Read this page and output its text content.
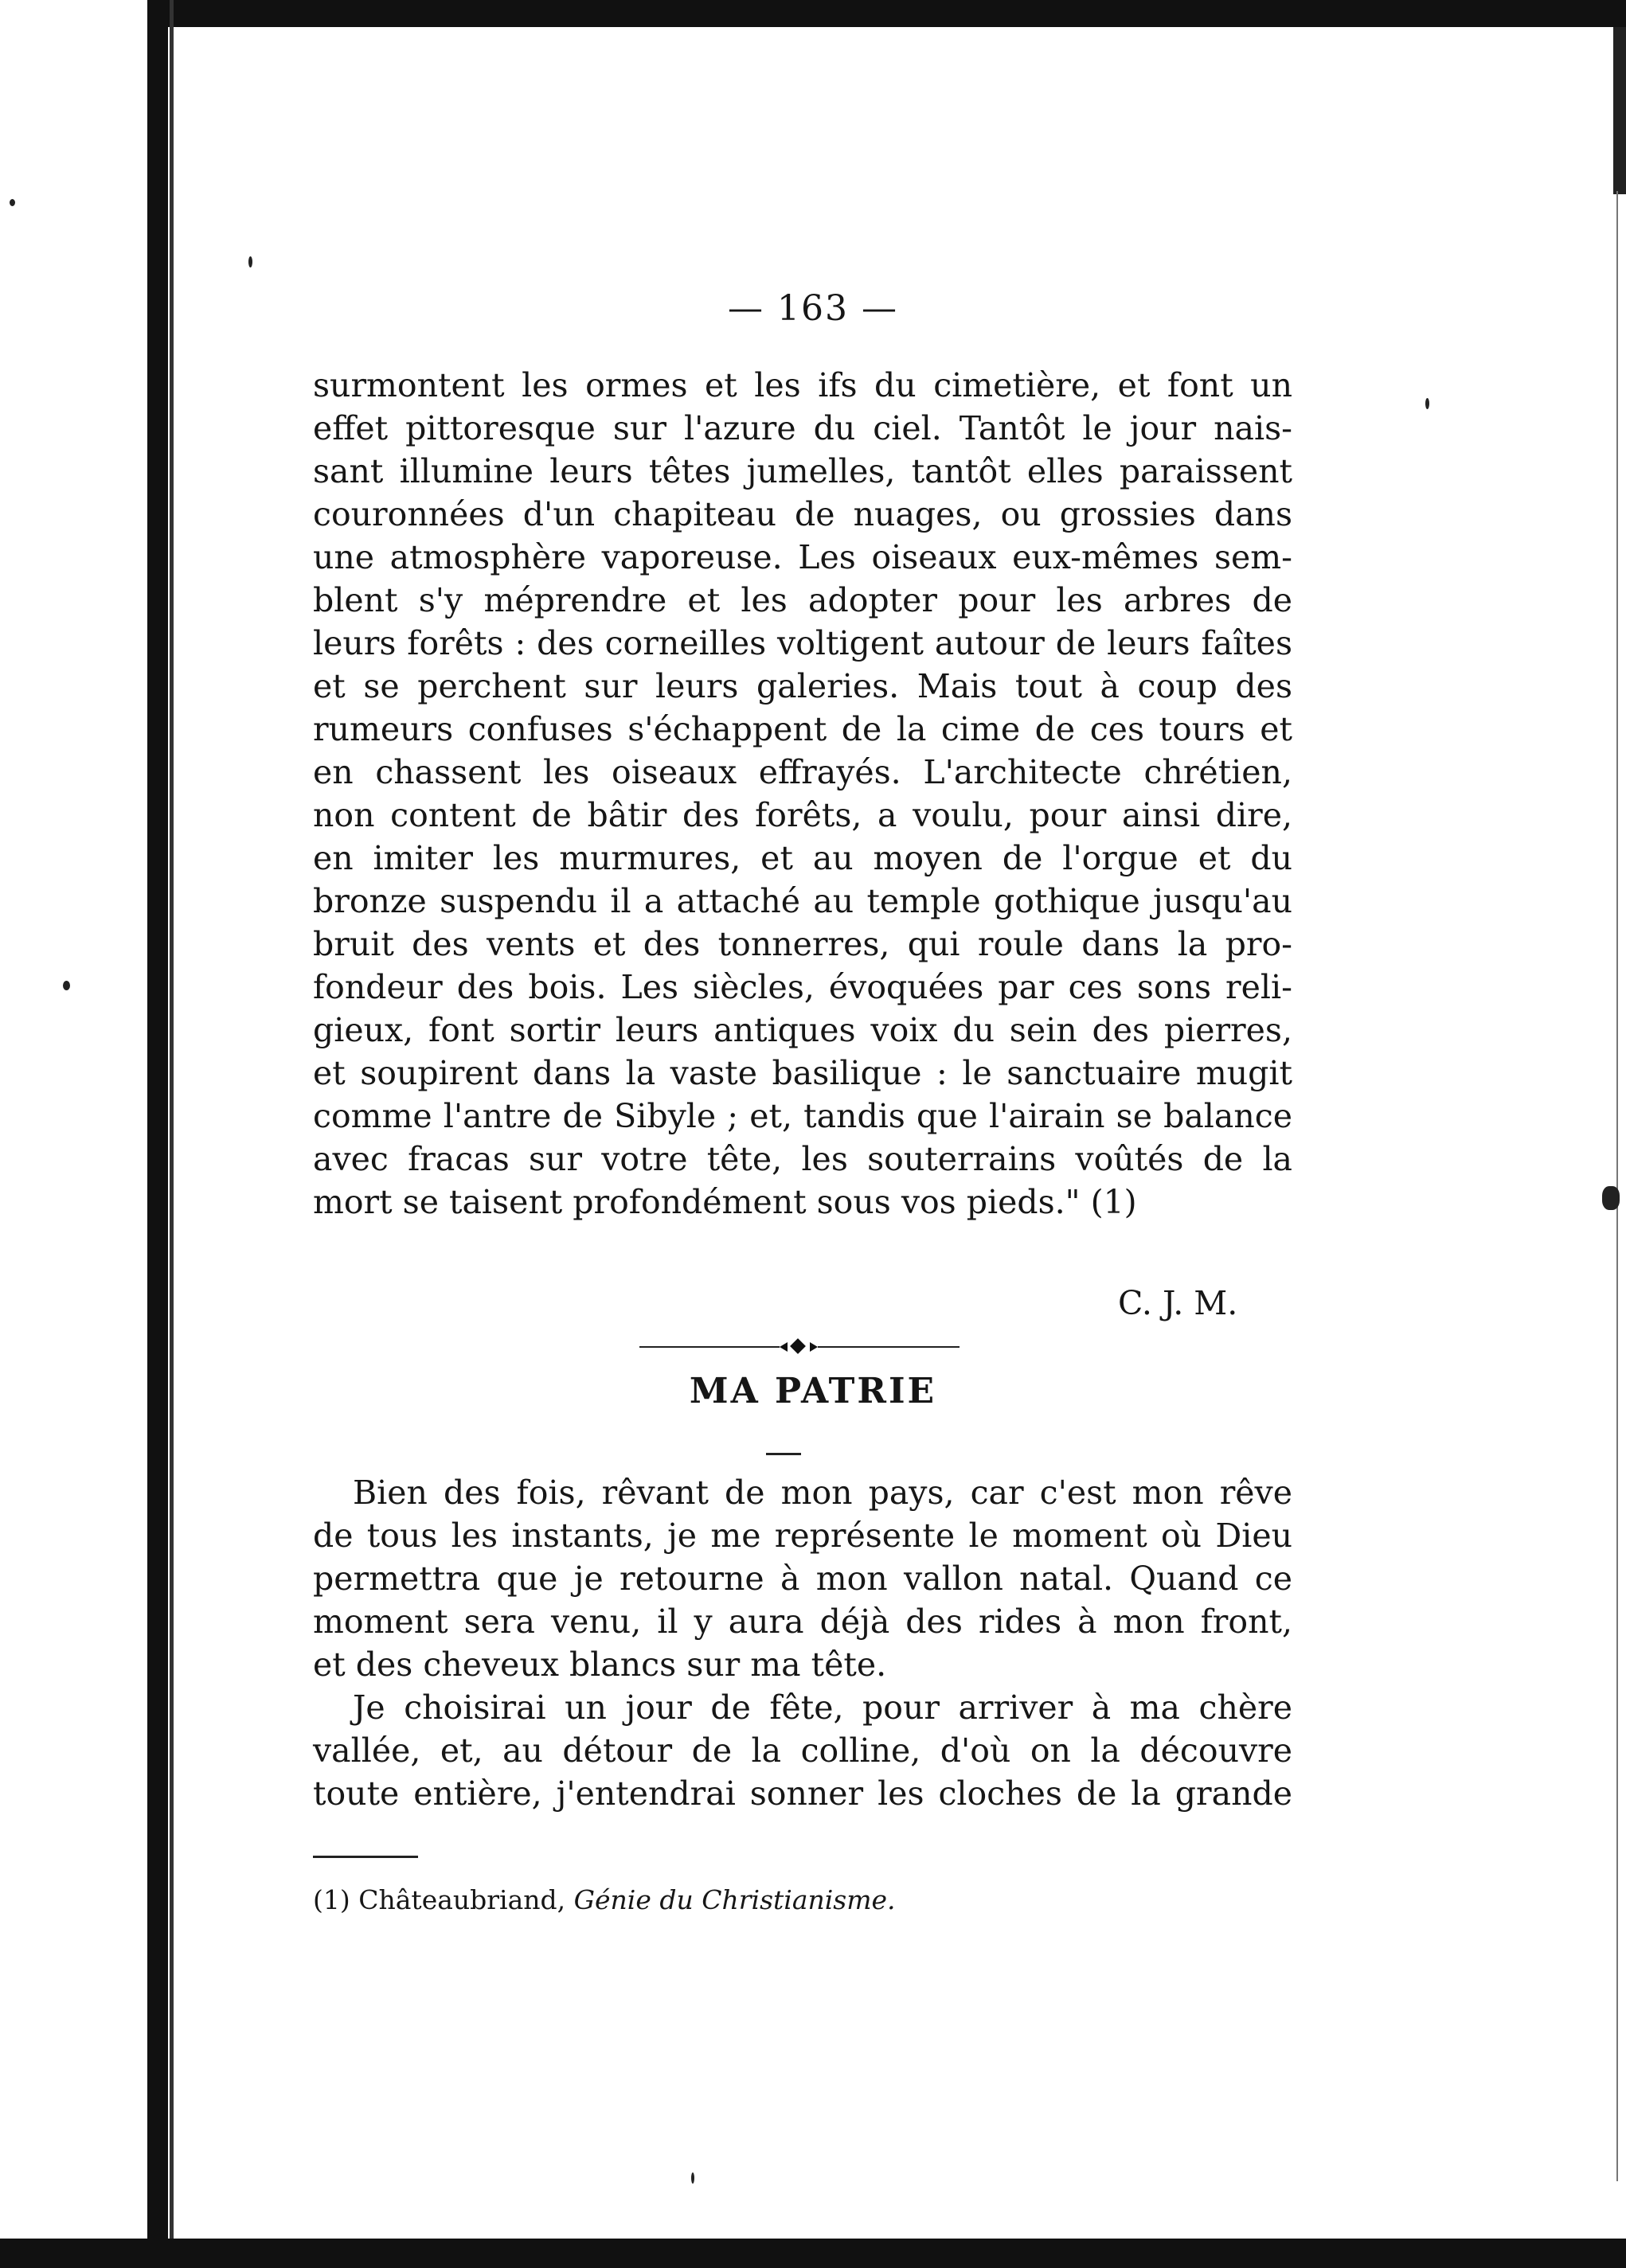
— 163 —
surmontent les ormes et les ifs du cimetière, et font un
effet pittoresque sur l'azure du ciel. Tantôt le jour nais-
sant illumine leurs têtes jumelles, tantôt elles paraissent
couronnées d'un chapiteau de nuages, ou grossies dans
une atmosphère vaporeuse. Les oiseaux eux-mêmes sem-
blent s'y méprendre et les adopter pour les arbres de
leurs forêts : des corneilles voltigent autour de leurs faîtes
et se perchent sur leurs galeries. Mais tout à coup des
rumeurs confuses s'échappent de la cime de ces tours et
en chassent les oiseaux effrayés. L'architecte chrétien,
non content de bâtir des forêts, a voulu, pour ainsi dire,
en imiter les murmures, et au moyen de l'orgue et du
bronze suspendu il a attaché au temple gothique jusqu'au
bruit des vents et des tonnerres, qui roule dans la pro-
fondeur des bois. Les siècles, évoquées par ces sons reli-
gieux, font sortir leurs antiques voix du sein des pierres,
et soupirent dans la vaste basilique : le sanctuaire mugit
comme l'antre de Sibyle ; et, tandis que l'airain se balance
avec fracas sur votre tête, les souterrains voûtés de la
mort se taisent profondément sous vos pieds." (1)
C. J. M.
MA PATRIE
Bien des fois, rêvant de mon pays, car c'est mon rêve
de tous les instants, je me représente le moment où Dieu
permettra que je retourne à mon vallon natal. Quand ce
moment sera venu, il y aura déjà des rides à mon front,
et des cheveux blancs sur ma tête.
Je choisirai un jour de fête, pour arriver à ma chère
vallée, et, au détour de la colline, d'où on la découvre
toute entière, j'entendrai sonner les cloches de la grande
(1) Châteaubriand, Génie du Christianisme.
